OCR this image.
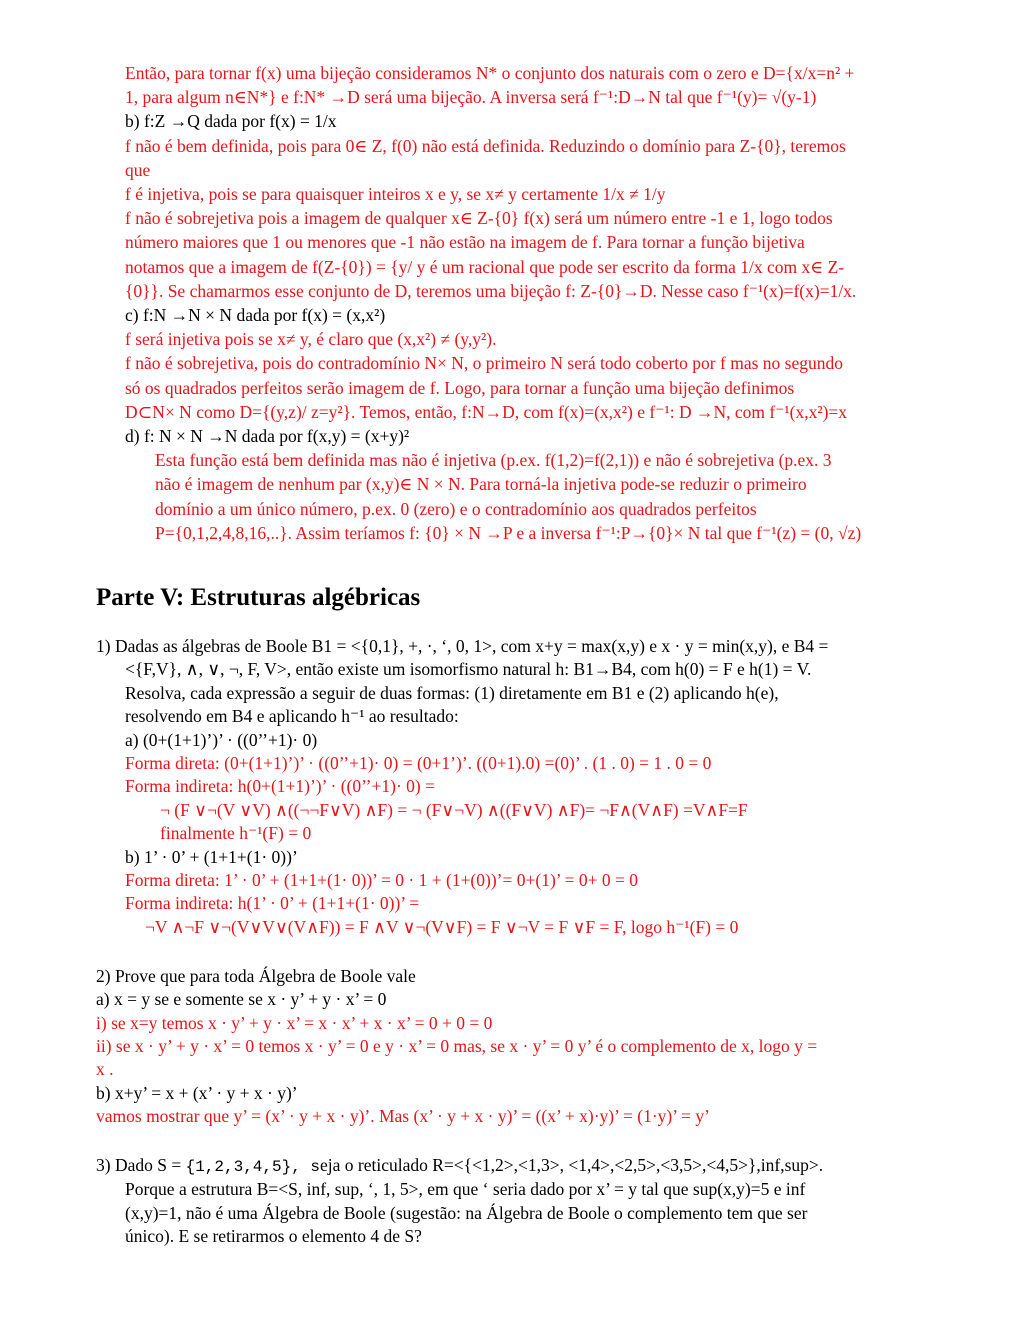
Então, para tornar f(x) uma bijeção consideramos N* o conjunto dos naturais com o zero e D={x/x=n² +
1, para algum n∈N*} e f:N* →D será uma bijeção. A inversa será f⁻¹:D→N tal que f⁻¹(y)= √(y-1)
b) f:Z →Q dada por f(x) = 1/x
f não é bem definida, pois para 0∈ Z, f(0) não está definida. Reduzindo o domínio para Z-{0}, teremos
que
f é injetiva, pois se para quaisquer inteiros x e y, se x≠ y certamente 1/x ≠ 1/y
f não é sobrejetiva pois a imagem de qualquer x∈ Z-{0} f(x) será um número entre -1 e 1, logo todos
número maiores que 1 ou menores que -1 não estão na imagem de f. Para tornar a função bijetiva
notamos que a imagem de f(Z-{0}) = {y/ y é um racional que pode ser escrito da forma 1/x com x∈ Z-
{0}}. Se chamarmos esse conjunto de D, teremos uma bijeção f: Z-{0}→D. Nesse caso f⁻¹(x)=f(x)=1/x.
c) f:N →N × N dada por f(x) = (x,x²)
f será injetiva pois se x≠ y, é claro que (x,x²) ≠ (y,y²).
f não é sobrejetiva, pois do contradomínio N× N, o primeiro N será todo coberto por f mas no segundo
só os quadrados perfeitos serão imagem de f. Logo, para tornar a função uma bijeção definimos
D⊂N× N como D={(y,z)/ z=y²}. Temos, então, f:N→D, com f(x)=(x,x²) e f⁻¹: D →N, com f⁻¹(x,x²)=x
d) f: N × N →N dada por f(x,y) = (x+y)²
Esta função está bem definida mas não é injetiva (p.ex. f(1,2)=f(2,1)) e não é sobrejetiva (p.ex. 3
não é imagem de nenhum par (x,y)∈ N × N. Para torná-la injetiva pode-se reduzir o primeiro
domínio a um único número, p.ex. 0 (zero) e o contradomínio aos quadrados perfeitos
P={0,1,2,4,8,16,..}. Assim teríamos f: {0} × N →P e a inversa f⁻¹:P→{0}× N tal que f⁻¹(z) = (0, √z)
Parte V: Estruturas algébricas
1) Dadas as álgebras de Boole B1 = <{0,1}, +, ·, ‘, 0, 1>, com x+y = max(x,y) e x · y = min(x,y), e B4 =
<{F,V}, ∧, ∨, ¬, F, V>, então existe um isomorfismo natural h: B1→B4, com h(0) = F e h(1) = V.
Resolva, cada expressão a seguir de duas formas: (1) diretamente em B1 e (2) aplicando h(e),
resolvendo em B4 e aplicando h⁻¹ ao resultado:
a) (0+(1+1)’)’ · ((0’’+1)· 0)
Forma direta: (0+(1+1)’)’ · ((0’’+1)· 0) = (0+1’)’. ((0+1).0) =(0)’ . (1 . 0) = 1 . 0 = 0
Forma indireta: h(0+(1+1)’)’ · ((0’’+1)· 0) =
¬ (F ∨¬(V ∨V) ∧((¬¬F∨V) ∧F) = ¬ (F∨¬V) ∧((F∨V) ∧F)= ¬F∧(V∧F) =V∧F=F
finalmente h⁻¹(F) = 0
b) 1’ · 0’ + (1+1+(1· 0))’
Forma direta: 1’ · 0’ + (1+1+(1· 0))’ = 0 · 1 + (1+(0))’= 0+(1)’ = 0+ 0 = 0
Forma indireta: h(1’ · 0’ + (1+1+(1· 0))’ =
¬V ∧¬F ∨¬(V∨V∨(V∧F)) = F ∧V ∨¬(V∨F) = F ∨¬V = F ∨F = F, logo h⁻¹(F) = 0
2) Prove que para toda Álgebra de Boole vale
a) x = y se e somente se x · y’ + y · x’ = 0
i) se x=y temos x · y’ + y · x’ = x · x’ + x · x’ = 0 + 0 = 0
ii) se x · y’ + y · x’ = 0 temos x · y’ = 0 e y · x’ = 0 mas, se x · y’ = 0 y’ é o complemento de x, logo y =
x .
b) x+y’ = x + (x’ · y + x · y)’
vamos mostrar que y’ = (x’ · y + x · y)’. Mas (x’ · y + x · y)’ = ((x’ + x)·y)’ = (1·y)’ = y’
3) Dado S = {1,2,3,4,5}, seja o reticulado R=<{<1,2>,<1,3>, <1,4>,<2,5>,<3,5>,<4,5>},inf,sup>.
Porque a estrutura B=<S, inf, sup, ‘, 1, 5>, em que ‘ seria dado por x’ = y tal que sup(x,y)=5 e inf
(x,y)=1, não é uma Álgebra de Boole (sugestão: na Álgebra de Boole o complemento tem que ser
único). E se retirarmos o elemento 4 de S?
